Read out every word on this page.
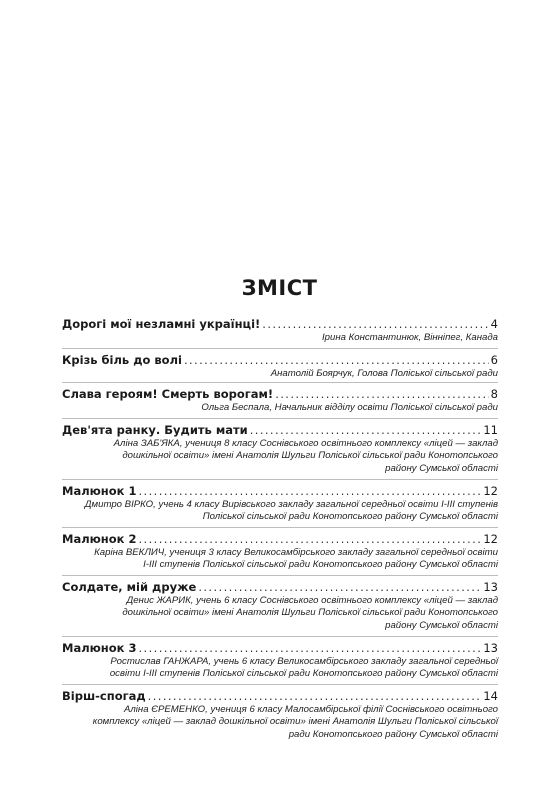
ЗМІСТ
Дорогі мої незламні українці! .....	4
Ірина Константинюк, Вінніпег, Канада
Крізь біль до волі .....	6
Анатолій Боярчук, Голова Поліської сільської ради
Слава героям! Смерть ворогам! .....	8
Ольга Беспала, Начальник відділу освіти Поліської сільської ради
Дев'ята ранку. Будить мати .....	11
Аліна ЗАБ'ЯКА, учениця 8 класу Соснівського освітнього комплексу «ліцей — заклад
дошкільної освіти» імені Анатолія Шульги Поліської сільської ради Конотопського
району Сумської області
Малюнок 1 .....	12
Дмитро ВІРКО, учень 4 класу Вирівського закладу загальної середньої освіти І-ІІІ ступенів
Поліської сільської ради Конотопського району Сумської області
Малюнок 2 .....	12
Каріна ВЕКЛИЧ, учениця 3 класу Великосамбірського закладу загальної середньої освіти
І-ІІІ ступенів Поліської сільської ради Конотопського району Сумської області
Солдате, мій друже .....	13
Денис ЖАРИК, учень 6 класу Соснівського освітнього комплексу «ліцей — заклад
дошкільної освіти» імені Анатолія Шульги Поліської сільської ради Конотопського
району Сумської області
Малюнок 3 .....	13
Ростислав ГАНЖАРА, учень 6 класу Великосамбірського закладу загальної середньої
освіти І-ІІІ ступенів Поліської сільської ради Конотопського району Сумської області
Вірш-спогад .....	14
Аліна ЄРЕМЕНКО, учениця 6 класу Малосамбірської філії Соснівського освітнього
комплексу «ліцей — заклад дошкільної освіти» імені Анатолія Шульги Поліської сільської
ради Конотопського району Сумської області
